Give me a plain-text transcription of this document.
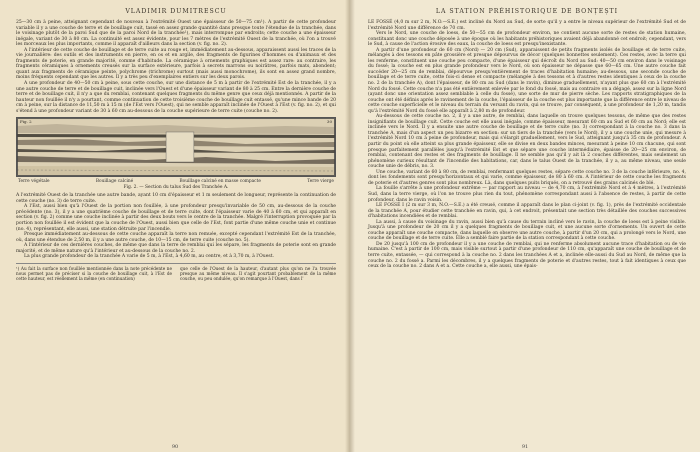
VLADIMIR DUMITRESCU

25—30 cm à peine, atteignant cependant de nouveau à l'extrémité Ouest une épaisseur de 50—75 cm¹). A partir de cette profondeur variable il y a une couche de terre et de bouillage cuit, tassé en assez grande quantité dans presque toute l'étendue de la tranchée, dans le voisinage plutôt de la paroi Sud que de la paroi Nord de la tranchée¹), mais interrompue par endroits; cette couche a une épaisseur inégale, variant de 30 à 80 cm. La continuité est assez évidente, pour les 7 mètres de l'extrémité Ouest de la tranchée, où l'on a trouvé les morceaux les plus importants, comme il apparaît d'ailleurs dans la section (v. fig. no. 2).

A l'intérieur de cette couche de bouillage et de terre cuite au rouge et, immédiatement au-dessous, apparaissent aussi les traces de la vie journalière: des outils et des instruments en pierre, en os et en argile, des fragments de figurines d'hommes ou d'animaux et des fragments de poterie, en grande majorité, comme d'habitude. La céramique à ornements graphiques est assez rare: au contraire, les fragments céramiques à ornements creusés sur la surface extérieure, parfois à secrets marrons ou noirâtres, parfois mats, abondent; quant aux fragments de céramique peinte, polychrome (trichrome) surtout (mais aussi monochrome), ils sont en assez grand nombre, moins fréquents cependant que les autres. Il y a très peu d'exemplaires entiers sur les deux parois.

A une profondeur de 40—50 cm à peine, sous cette couche, sur une distance de 5 m à partir de l'extrémité Est de la tranchée, il y a une autre couche de terre et de bouillage cuit, inclinée vers l'Ouest et d'une épaisseur variant de 80 à 25 cm. Entre la dernière couche de terre et de bouillage cuit, il n'y a que du remblai, contenant quelques fragments du même genre que ceux déjà mentionnés. A partir de la hauteur non fouillée il n'y a pourtant, comme continuation de cette troisième couche de bouillage cuit entassé, qu'une mince bande de 20 cm à peine, sur la distance de 11,50 m à 15 m (de l'Est vers l'Ouest), qui ne semble apparaît inclinée de l'Ouest à l'Est (v. fig. no. 2), et qui s'étend à une profondeur variant de 30 à 60 cm au-dessous de la couche supérieure de terre cuite (couche no. 2).

Fig. 2	30
Terre végétale	Bouillage calciné	Bouillage calciné en masse compacte	Terre vierge
Fig. 2. — Section du talus Sud des Tranchée A.

A l'extrémité Ouest de la tranchée une autre bande, ayant 10 cm d'épaisseur et 1 m seulement de longueur, représente la continuation de cette couche (no. 3) de terre cuite.

A l'Est, aussi bien qu'à l'Ouest de la portion non fouillée, à une profondeur presqu'invariable de 50 cm, au-dessous de la couche précédente (no. 3), il y a une quatrième couche de bouillage et de terre cuite, dont l'épaisseur varie de 40 à 60 cm, et qui apparaît en section (v. fig. 2) comme une couche inclinée à partir des deux bouts vers le centre de la tranchée. Malgré l'interruption provoquée par la portion non fouillée il est évident que la couche de l'Ouest, aussi bien que celle de l'Est, font partie d'une même couche unie et continue (no. 4), représentant, elle aussi, une station détruite par l'incendie.

Presque immédiatement au-dessous de cette couche apparaît la terre non remuée, excepté cependant l'extrémité Est de la tranchée, où, dans une étendue de 2,50 m, il y a une autre couche, de 10—15 cm, de terre cuite (couche no. 5).

A l'intérieur de ces dernières couches, de même que dans la terre de remblai qui les sépare, les fragments de poterie sont en grande majorité, et de même nature qu'à l'intérieur et au-dessous de la couche no. 2.

La plus grande profondeur de la tranchée A varie de 5 m, à l'Est, à 4,60 m, au centre, et à 3,70 m, à l'Ouest.

¹) Au fait la surface non fouillée mentionnée dans la note précédente ne nous permet pas de préciser si la couche de bouillage cuit, à l'Est de cette hauteur, est réellement la même (en continuation)

que celle de l'Ouest de la hauteur, d'autant plus qu'on ne l'a trouvée presque au même niveau. Il s'agit pourtant probablement de la même couche, ou peu ondulée, qu'on remarque à l'Ouest, dans l'

90
LA STATION PRÉHISTORIQUE DE BONȚEȘTI

LE FOSSÉ (4,0 m sur 2 m, N.O.—S.E.) est incliné du Nord au Sud, de sorte qu'il y a entre le niveau supérieur de l'extrémité Sud et de l'extrémité Nord une différence de 70 cm.

Vers le Nord, une couche de loess, de 50—55 cm de profondeur environ, ne contient aucune sorte de restes de station humaine, constituant donc une couche déposée à une époque où les habitants préhistoriques avaient déjà abandonné cet endroit; cependant, vers le Sud, à cause de l'action érosive des eaux, la couche de loess est presqu'inexistante.

A partir d'une profondeur de 60 cm (Nord) — 20 cm (Sud), apparaissent de petits fragments isolés de bouillage et de terre cuite, mélangés à des tessons en pâte grossière et presque dépourvus de décor (quelques bonnettes seulement). Ces restes, avec la terre qui les renferme, constituent une couche peu compacte, d'une épaisseur qui décroît du Nord au Sud: 40—50 cm environ dans le voisinage du fossé; la couche est en plus grande profondeur vers le Nord, où son épaisseur ne dépasse que 60—65 cm. Une autre couche fait succéder 20—25 cm de remblai, dépourvue presqu'entièrement de traces d'habitation humaine; au-dessous, une seconde couche de bouillage et de terre cuite, cette fois-ci dense et compacte (mélangée à des tessons et à d'autres restes identiques à ceux de la couche no. 2 de la tranchée A), dont l'épaisseur, de 80 cm au Sud (dans le ravin), diminue graduellement, n'ayant plus que 60 cm à l'extrémité Nord du fossé. Cette couche n'a pas été entièrement enlevée par le fond du fossé, mais au contraire on a dégagé, assez sur la ligne Nord (ayant donc une orientation assez semblable à celle du fossé), une sorte de mur de pierre sèche. Les rapports stratigraphiques de la couche ont été définis après le ravinement de la couche, l'épaisseur de la couche est plus importante que la différence entre le niveau de cette couche superficielle et le niveau du terrain du versant du ravin, qui se trouve, par conséquent, à une profondeur de 1,20 m, tandis qu'à l'extrémité Nord du fossé elle apparaît à 2,80 m de profondeur.

Au-dessous de cette couche no. 2, il y a une autre, de remblai, dans laquelle on trouve quelques tessons, de même que des restes insignifiants de bouillage cuit. Cette couche est elle aussi inégale, comme épaisseur, mesurant 60 cm au Sud et 60 cm au Nord; elle est inclinée vers le Nord. Il y a ensuite une autre couche de bouillage et de terre cuite (no. 3) correspondant à la couche no. 3 dans la tranchée A, mais d'un aspect un peu bizarre en section: sur un tiers de la tranchée (vers le Nord), il y a une couche unie, qui mesure à l'extrémité Nord 10 cm à peine de profondeur, mais qui s'élargit graduellement, vers le Sud, atteignant jusqu'à 35 cm de profondeur. A partir du point où elle atteint sa plus grande épaisseur, elle se divise en deux bandes minces, mesurant à peine 10 cm chacune, qui sont presque parfaitement parallèles jusqu'à l'extrémité Est et que sépare une couche intermédiaire, épaisse de 20—25 cm environ, de remblai, contenant des restes et des fragments de bouillage. Il ne semble pas qu'il y ait là 2 couches différentes, mais seulement un phénomène curieux résultant de l'incendie des habitations, car, dans le talus Ouest de la tranchée, il y a, au même niveau, une seule couche unie de débris, no. 3.

Une couche, variant de 60 à 80 cm, de remblai, renfermant quelques restes, sépare cette couche no. 3 de la couche inférieure, no. 4, dont les fondements sont presqu'horizontaux et qui varie, comme épaisseur, de 80 à 60 cm. A l'intérieur de cette couche les fragments de poterie et d'autres genres sont plus nombreux. Là, dans quelques puits briqués, on a retrouvé des grains calcinés de blé.

La fouille s'arrête à une profondeur extrême — par rapport au niveau — de 4,70 cm, à l'extrémité Nord et à 4 mètres, à l'extrémité Sud, dans la terre vierge, où l'on ne trouve plus rien du tout, phénomène correspondant aussi à l'absence de restes, à partir de cette profondeur, dans le ravin voisin.

LE FOSSÉ I (2 m sur 3 m, N.O.—S.E.) a été creusé, comme il apparaît dans le plan ci-joint (v. fig. 1), près de l'extrémité occidentale de la tranchée A, pour étudier cette tranchée en ravin, qui, à cet endroit, présentait une section très détaillée des couches successives d'habitations incendiées et de remblai.

La aussi, à cause du voisinage du ravin, aussi bien qu'à cause du terrain incliné vers le ravin, la couche de loess est à peine visible. Jusqu'à une profondeur de 20 cm il y a quelques fragments de bouillage cuit, et une aucune sorte d'ornements. Un ouvert de cette couche apparaît une couche compacte, dans laquelle on observe une autre couche, à partir d'un 20 cm, qui a prolongé vers le Nord, une couche de bouillage et de terre cuite. Elle a semblé faire partie de la station correspondant à cette couche.

De 20 jusqu'à 100 cm de profondeur il y a une couche de remblai, qui ne renferme absolument aucune trace d'habitation ou de vie humaine. C'est à partir de 100 cm, mais visible surtout à partir d'une profondeur de 110 cm, qu'apparaît une couche de bouillage et de terre cuite, entassée, — qui correspond à la couche no. 2 dans les tranchées A et a, inclinée elle-aussi du Sud au Nord, de même que la couche no. 2 du fossé a. Parmi les décombres, il y a quelques fragments de poterie et d'autres restes, tout à fait identiques à ceux que ceux de la couche no. 2 dans A et a. Cette couche a, elle aussi, une épais-

91
